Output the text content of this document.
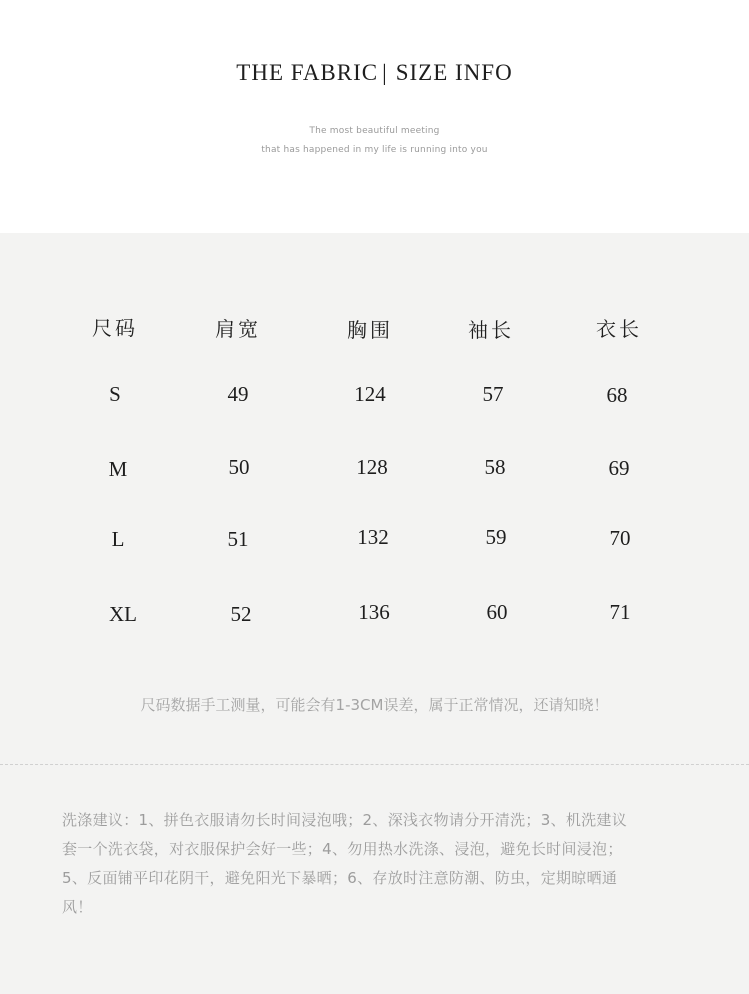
THE FABRIC | SIZE INFO
The most beautiful meeting
that has happened in my life is running into you
尺码	肩宽	胸围	袖长	衣长
S	49	124	57	68
M	50	128	58	69
L	51	132	59	70
XL	52	136	60	71
尺码数据手工测量，可能会有1-3CM误差，属于正常情况，还请知晓！
洗涤建议：1、拼色衣服请勿长时间浸泡哦；2、深浅衣物请分开清洗；3、机洗建议
套一个洗衣袋，对衣服保护会好一些；4、勿用热水洗涤、浸泡，避免长时间浸泡；
5、反面铺平印花阴干，避免阳光下暴晒；6、存放时注意防潮、防虫，定期晾晒通
风！
